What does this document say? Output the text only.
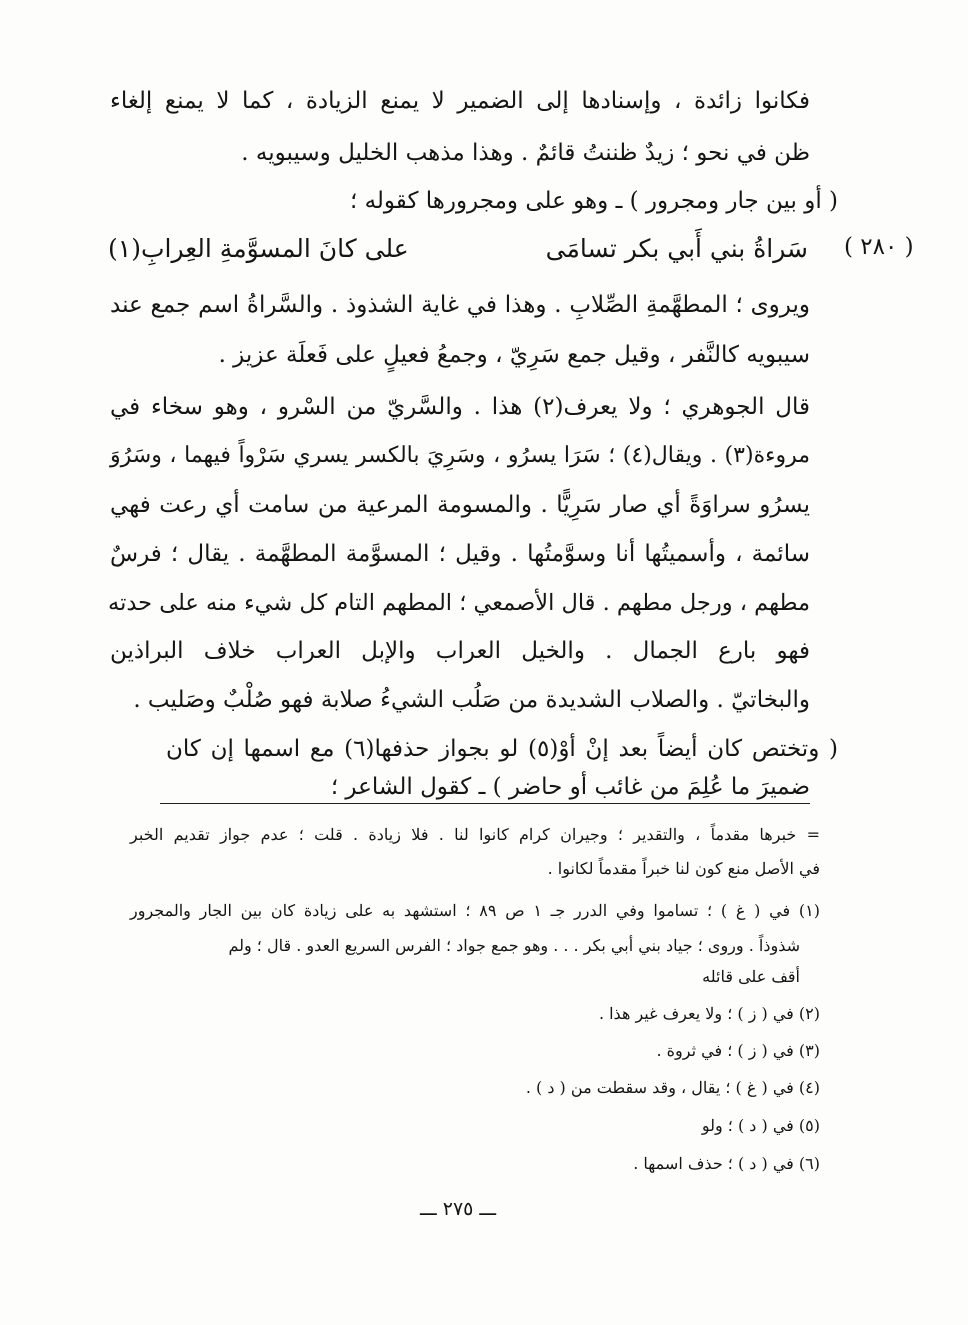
فكانوا زائدة ، وإسنادها إلى الضمير لا يمنع الزيادة ، كما لا يمنع إلغاء
ظن في نحو ؛ زيدٌ ظننتُ قائمٌ . وهذا مذهب الخليل وسيبويه .
( أو بين جار ومجرور ) ـ وهو على ومجرورها كقوله ؛
( ٢٨٠ )
سَراةُ بني أَبي بكر تسامَى
على كانَ المسوَّمةِ العِرابِ(١)
ويروى ؛ المطهَّمةِ الصِّلابِ . وهذا في غاية الشذوذ . والسَّراةُ اسم جمع عند
سيبويه كالنَّفر ، وقيل جمع سَرِيّ ، وجمعُ فعيلٍ على فَعلَة عزيز .
قال الجوهري ؛ ولا يعرف(٢) هذا . والسَّريّ من السْرو ، وهو سخاء في
مروءة(٣) . ويقال(٤) ؛ سَرَا يسرُو ، وسَرِيَ بالكسر يسري سَرْواً فيهما ، وسَرُوَ
يسرُو سراوَةً أي صار سَرِيًّا . والمسومة المرعية من سامت أي رعت فهي
سائمة ، وأسميتُها أنا وسوَّمتُها . وقيل ؛ المسوَّمة المطهَّمة . يقال ؛ فرسٌ
مطهم ، ورجل مطهم . قال الأصمعي ؛ المطهم التام كل شيء منه على حدته
فهو بارع الجمال . والخيل العراب والإبل العراب خلاف البراذين
والبخاتيّ . والصلاب الشديدة من صَلُب الشيءُ صلابة فهو صُلْبٌ وصَليب .
( وتختص كان أيضاً بعد إنْ أوْ(٥) لو بجواز حذفها(٦) مع اسمها إن كان
ضميرَ ما عُلِمَ من غائب أو حاضر ) ـ كقول الشاعر ؛
= خبرها مقدماً ، والتقدير ؛ وجيران كرام كانوا لنا . فلا زيادة . قلت ؛ عدم جواز تقديم الخبر
في الأصل منع كون لنا خبراً مقدماً لكانوا .
(١) في ( غ ) ؛ تساموا وفي الدرر جـ ١ ص ٨٩ ؛ استشهد به على زيادة كان بين الجار والمجرور
شذوذاً . وروى ؛ جياد بني أبي بكر . . . وهو جمع جواد ؛ الفرس السريع العدو . قال ؛ ولم
أقف على قائله
(٢) في ( ز ) ؛ ولا يعرف غير هذا .
(٣) في ( ز ) ؛ في ثروة .
(٤) في ( غ ) ؛ يقال ، وقد سقطت من ( د ) .
(٥) في ( د ) ؛ ولو
(٦) في ( د ) ؛ حذف اسمها .
ـــ ٢٧٥ ـــ
